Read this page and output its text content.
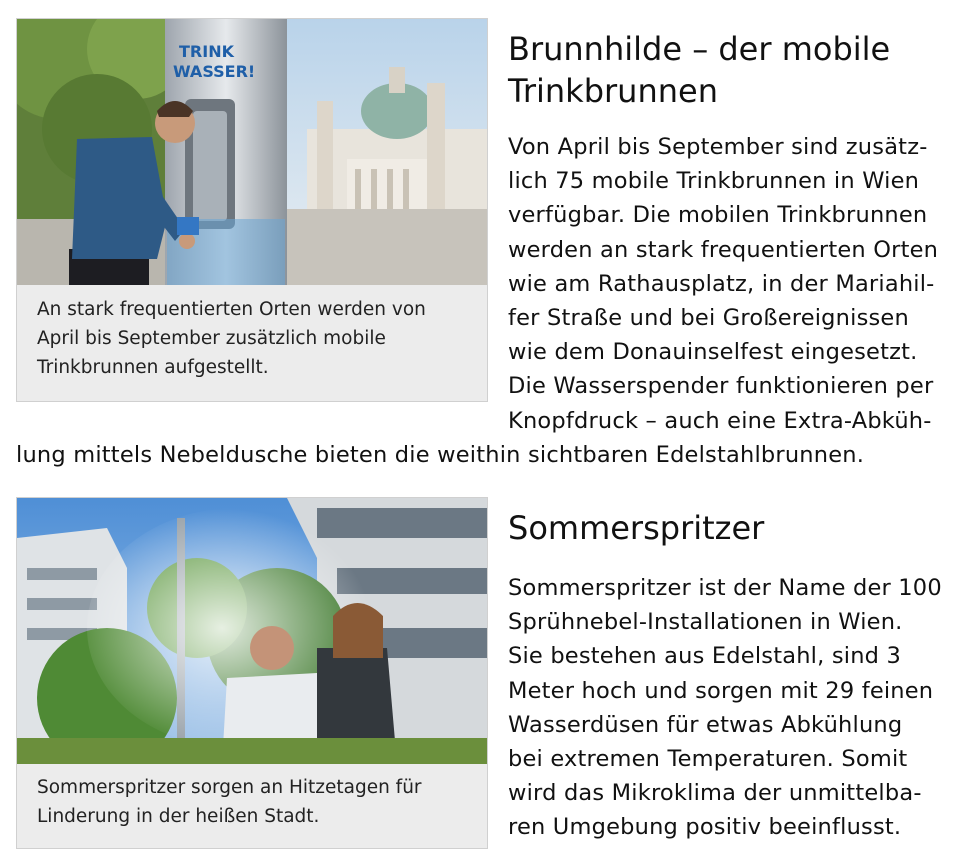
TRINK
WASSER!
An stark frequentierten Orten werden von
April bis September zusätzlich mobile
Trinkbrunnen aufgestellt.
Brunnhilde – der mobile
Trinkbrunnen
Von April bis September sind zusätz-
lich 75 mobile Trinkbrunnen in Wien
verfügbar. Die mobilen Trinkbrunnen
werden an stark frequentierten Orten
wie am Rathausplatz, in der Mariahil-
fer Straße und bei Großereignissen
wie dem Donauinselfest eingesetzt.
Die Wasserspender funktionieren per
Knopfdruck – auch eine Extra-Abküh-
lung mittels Nebeldusche bieten die weithin sichtbaren Edelstahlbrunnen.
Sommerspritzer sorgen an Hitzetagen für
Linderung in der heißen Stadt.
Sommerspritzer
Sommerspritzer ist der Name der 100
Sprühnebel-Installationen in Wien.
Sie bestehen aus Edelstahl, sind 3
Meter hoch und sorgen mit 29 feinen
Wasserdüsen für etwas Abkühlung
bei extremen Temperaturen. Somit
wird das Mikroklima der unmittelba-
ren Umgebung positiv beeinflusst.
